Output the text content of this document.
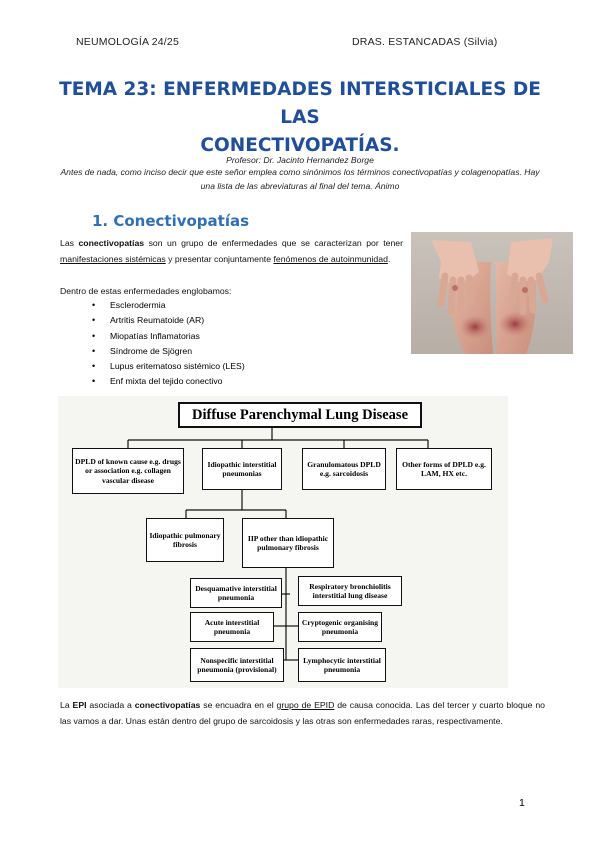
NEUMOLOGÍA 24/25	DRAS. ESTANCADAS (Silvia)
TEMA 23: ENFERMEDADES INTERSTICIALES DE LAS
CONECTIVOPATÍAS.
Profesor: Dr. Jacinto Hernandez Borge
Antes de nada, como inciso decir que este señor emplea como sinónimos los términos conectivopatías y colagenopatías. Hay una lista de las abreviaturas al final del tema. Ánimo
1. Conectivopatías
Las conectivopatías son un grupo de enfermedades que se caracterizan por tener manifestaciones sistémicas y presentar conjuntamente fenómenos de autoinmunidad.
Dentro de estas enfermedades englobamos:
• Esclerodermia
• Artritis Reumatoide (AR)
• Miopatías Inflamatorias
• Síndrome de Sjögren
• Lupus eritematoso sistémico (LES)
• Enf mixta del tejido conectivo
Diffuse Parenchymal Lung Disease
DPLD of known cause e.g. drugs or association e.g. collagen vascular disease
Idiopathic interstitial pneumonias
Granulomatous DPLD e.g. sarcoidosis
Other forms of DPLD e.g. LAM, HX etc.
Idiopathic pulmonary fibrosis
IIP other than idiopathic pulmonary fibrosis
Desquamative interstitial pneumonia
Acute interstitial pneumonia
Nonspecific interstitial pneumonia (provisional)
Respiratory bronchiolitis interstitial lung disease
Cryptogenic organising pneumonia
Lymphocytic interstitial pneumonia
La EPI asociada a conectivopatías se encuadra en el grupo de EPID de causa conocida. Las del tercer y cuarto bloque no las vamos a dar. Unas están dentro del grupo de sarcoidosis y las otras son enfermedades raras, respectivamente.
1
